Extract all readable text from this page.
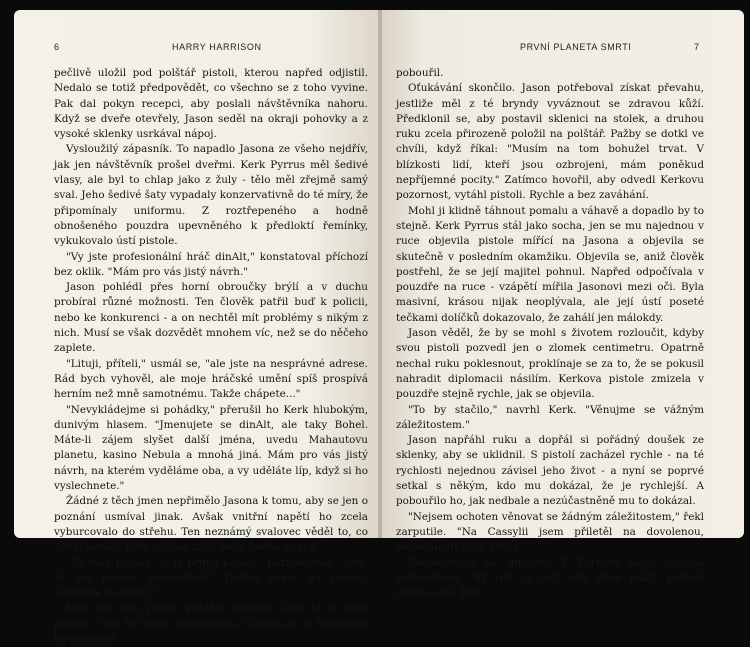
6	HARRY HARRISON

pečlivě uložil pod polštář pistoli, kterou napřed odjistil. Nedalo se totiž předpovědět, co všechno se z toho vyvine. Pak dal pokyn recepci, aby poslali návštěvníka nahoru. Když se dveře otevřely, Jason seděl na okraji pohovky a z vysoké sklenky usrkával nápoj.

Vysloužilý zápasník. To napadlo Jasona ze všeho nejdřív, jak jen návštěvník prošel dveřmi. Kerk Pyrrus měl šedivé vlasy, ale byl to chlap jako z žuly - tělo měl zřejmě samý sval. Jeho šedivé šaty vypadaly konzervativně do té míry, že připomínaly uniformu. Z roztřepeného a hodně obnošeného pouzdra upevněného k předloktí řemínky, vykukovalo ústí pistole.

"Vy jste profesionální hráč dinAlt," konstatoval příchozí bez oklik. "Mám pro vás jistý návrh."

Jason pohlédl přes horní obroučky brýlí a v duchu probíral různé možnosti. Ten člověk patřil buď k policii, nebo ke konkurenci - a on nechtěl mít problémy s nikým z nich. Musí se však dozvědět mnohem víc, než se do něčeho zaplete.

"Lituji, příteli," usmál se, "ale jste na nesprávné adrese. Rád bych vyhověl, ale moje hráčské umění spíš prospívá herním než mně samotnému. Takže chápete..."

"Nevykládejme si pohádky," přerušil ho Kerk hlubokým, dunivým hlasem. "Jmenujete se dinAlt, ale taky Bohel. Máte-li zájem slyšet další jména, uvedu Mahautovu planetu, kasino Nebula a mnohá jiná. Mám pro vás jistý návrh, na kterém vyděláme oba, a vy uděláte líp, když si ho vyslechnete."

Žádné z těch jmen nepřimělo Jasona k tomu, aby se jen o poznání usmíval jinak. Avšak vnitřní napětí ho zcela vyburcovalo do střehu. Ten neznámý svalovec věděl to, co vědět neměl. Bylo načase začít řeč z jiného konce.

"Ta vaše pistole, to je přímo kanón," poznamenal. "Víte, že mě pistole znervózňují? Udělal byste mi radost, kdybyste ji odložil."

Kerk na svou pistoli pohlédl udiveně, jako by ji viděl poprvé. "Ne, tu nikdy neodkládám." Zdálo se, že ten návrh ho poněkud

PRVNÍ PLANETA SMRTI	7

pobouřil.

Oťukávání skončilo. Jason potřeboval získat převahu, jestliže měl z té bryndy vyváznout se zdravou kůží. Předklonil se, aby postavil sklenici na stolek, a druhou ruku zcela přirozeně položil na polštář. Pažby se dotkl ve chvíli, když říkal: "Musím na tom bohužel trvat. V blízkosti lidí, kteří jsou ozbrojeni, mám poněkud nepříjemné pocity." Zatímco hovořil, aby odvedl Kerkovu pozornost, vytáhl pistoli. Rychle a bez zaváhání.

Mohl ji klidně táhnout pomalu a váhavě a dopadlo by to stejně. Kerk Pyrrus stál jako socha, jen se mu najednou v ruce objevila pistole mířící na Jasona a objevila se skutečně v posledním okamžiku. Objevila se, aniž člověk postřehl, že se její majitel pohnul. Napřed odpočívala v pouzdře na ruce - vzápětí mířila Jasonovi mezi oči. Byla masivní, krásou nijak neoplývala, ale její ústí poseté tečkami dolíčků dokazovalo, že zahálí jen málokdy.

Jason věděl, že by se mohl s životem rozloučit, kdyby svou pistoli pozvedl jen o zlomek centimetru. Opatrně nechal ruku poklesnout, proklínaje se za to, že se pokusil nahradit diplomacii násilím. Kerkova pistole zmizela v pouzdře stejně rychle, jak se objevila.

"To by stačilo," navrhl Kerk. "Věnujme se vážným záležitostem."

Jason napřáhl ruku a dopřál si pořádný doušek ze sklenky, aby se uklidnil. S pistolí zacházel rychle - na té rychlosti nejednou závisel jeho život - a nyní se poprvé setkal s někým, kdo mu dokázal, že je rychlejší. A pobouřilo ho, jak nedbale a nezúčastněně mu to dokázal.

"Nejsem ochoten věnovat se žádným záležitostem," řekl zarputile. "Na Cassylii jsem přiletěl na dovolenou, oddechnout si od práce."

"Neoblbujme se, dinAlte." Z Kerkova hlasu zazněla netrpělivost. "Vy jste za celý svůj život nikdy poctivě nepracoval. Jste
